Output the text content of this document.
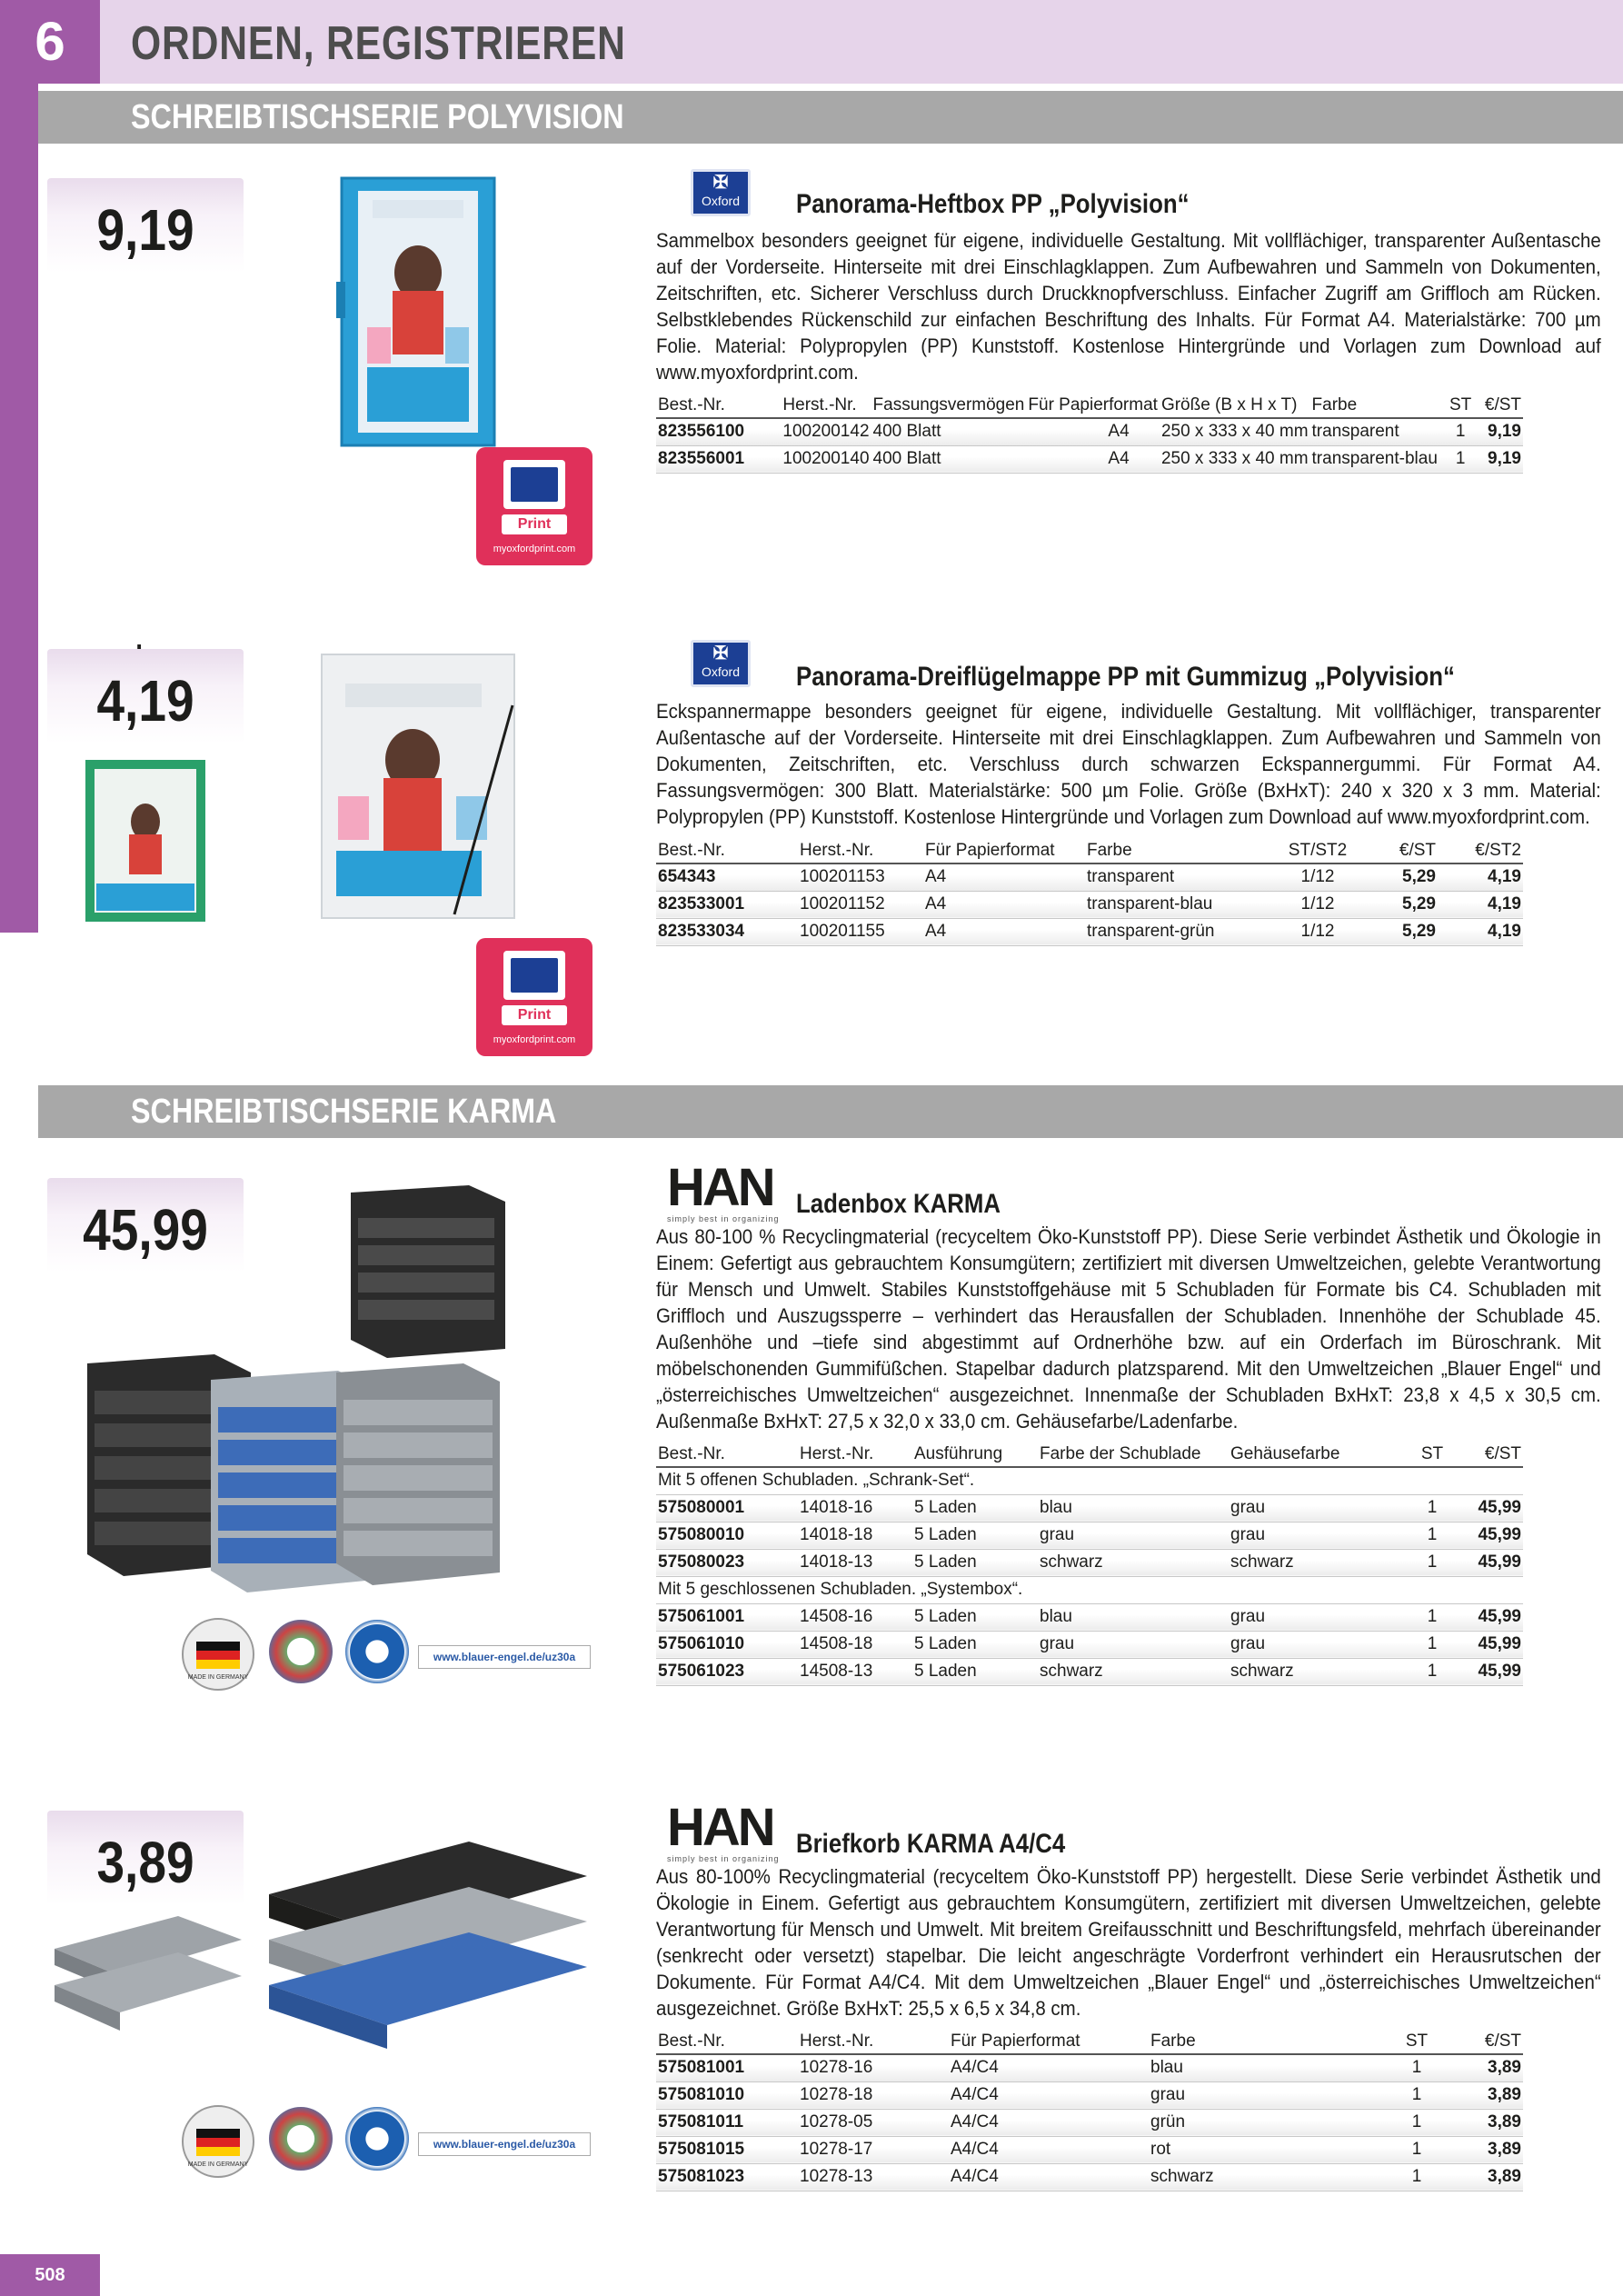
6	ORDNEN, REGISTRIEREN
SCHREIBTISCHSERIE POLYVISION
9,19
Print
myoxfordprint.com
✠
Oxford	Panorama-Heftbox PP „Polyvision“
Sammelbox besonders geeignet für eigene, individuelle Gestaltung. Mit vollflächiger, transparenter Außentasche auf der Vorderseite. Hinterseite mit drei Einschlagklappen. Zum Aufbewahren und Sammeln von Dokumenten, Zeitschriften, etc. Sicherer Verschluss durch Druckknopfverschluss. Einfacher Zugriff am Griffloch am Rücken. Selbstklebendes Rückenschild zur einfachen Beschriftung des Inhalts. Für Format A4. Materialstärke: 700 µm Folie. Material: Polypropylen (PP) Kunststoff. Kostenlose Hintergründe und Vorlagen zum Download auf www.myoxfordprint.com.
Best.-Nr.	Herst.-Nr.	Fassungsvermögen	Für Papierformat	Größe (B x H x T)	Farbe	ST	€/ST
823556100	100200142	400 Blatt	A4	250 x 333 x 40 mm	transparent	1	9,19
823556001	100200140	400 Blatt	A4	250 x 333 x 40 mm	transparent-blau	1	9,19
4,19
Print
myoxfordprint.com
✠
Oxford	Panorama-Dreiflügelmappe PP mit Gummizug „Polyvision“
Eckspannermappe besonders geeignet für eigene, individuelle Gestaltung. Mit vollflächiger, transparenter Außentasche auf der Vorderseite. Hinterseite mit drei Einschlagklappen. Zum Aufbewahren und Sammeln von Dokumenten, Zeitschriften, etc. Verschluss durch schwarzen Eckspannergummi. Für Format A4. Fassungsvermögen: 300 Blatt. Materialstärke: 500 µm Folie. Größe (BxHxT): 240 x 320 x 3 mm. Material: Polypropylen (PP) Kunststoff. Kostenlose Hintergründe und Vorlagen zum Download auf www.myoxfordprint.com.
Best.-Nr.	Herst.-Nr.	Für Papierformat	Farbe	ST/ST2	€/ST	€/ST2
654343	100201153	A4	transparent	1/12	5,29	4,19
823533001	100201152	A4	transparent-blau	1/12	5,29	4,19
823533034	100201155	A4	transparent-grün	1/12	5,29	4,19
SCHREIBTISCHSERIE KARMA
45,99
MADE IN GERMANY
www.blauer-engel.de/uz30a
HAN
simply best in organizing Ladenbox KARMA
Aus 80-100 % Recyclingmaterial (recyceltem Öko-Kunststoff PP). Diese Serie verbindet Ästhetik und Ökologie in Einem: Gefertigt aus gebrauchtem Konsumgütern; zertifiziert mit diversen Umweltzeichen, gelebte Verantwortung für Mensch und Umwelt. Stabiles Kunststoffgehäuse mit 5 Schubladen für Formate bis C4. Schubladen mit Griffloch und Auszugssperre – verhindert das Herausfallen der Schubladen. Innenhöhe der Schublade 45. Außenhöhe und –tiefe sind abgestimmt auf Ordnerhöhe bzw. auf ein Orderfach im Büroschrank. Mit möbelschonenden Gummifüßchen. Stapelbar dadurch platzsparend. Mit den Umweltzeichen „Blauer Engel“ und „österreichisches Umweltzeichen“ ausgezeichnet. Innenmaße der Schubladen BxHxT: 23,8 x 4,5 x 30,5 cm. Außenmaße BxHxT: 27,5 x 32,0 x 33,0 cm. Gehäusefarbe/Ladenfarbe.
Best.-Nr.	Herst.-Nr.	Ausführung	Farbe der Schublade	Gehäusefarbe	ST	€/ST
Mit 5 offenen Schubladen. „Schrank-Set“.						
575080001	14018-16	5 Laden	blau	grau	1	45,99
575080010	14018-18	5 Laden	grau	grau	1	45,99
575080023	14018-13	5 Laden	schwarz	schwarz	1	45,99
Mit 5 geschlossenen Schubladen. „Systembox“.						
575061001	14508-16	5 Laden	blau	grau	1	45,99
575061010	14508-18	5 Laden	grau	grau	1	45,99
575061023	14508-13	5 Laden	schwarz	schwarz	1	45,99
3,89
MADE IN GERMANY
www.blauer-engel.de/uz30a
HAN
simply best in organizing Briefkorb KARMA A4/C4
Aus 80-100% Recyclingmaterial (recyceltem Öko-Kunststoff PP) hergestellt. Diese Serie verbindet Ästhetik und Ökologie in Einem. Gefertigt aus gebrauchtem Konsumgütern, zertifiziert mit diversen Umweltzeichen, gelebte Verantwortung für Mensch und Umwelt. Mit breitem Greifausschnitt und Beschriftungsfeld, mehrfach übereinander (senkrecht oder versetzt) stapelbar. Die leicht angeschrägte Vorderfront verhindert ein Herausrutschen der Dokumente. Für Format A4/C4. Mit dem Umweltzeichen „Blauer Engel“ und „österreichisches Umweltzeichen“ ausgezeichnet. Größe BxHxT: 25,5 x 6,5 x 34,8 cm.
Best.-Nr.	Herst.-Nr.	Für Papierformat	Farbe	ST	€/ST
575081001	10278-16	A4/C4	blau	1	3,89
575081010	10278-18	A4/C4	grau	1	3,89
575081011	10278-05	A4/C4	grün	1	3,89
575081015	10278-17	A4/C4	rot	1	3,89
575081023	10278-13	A4/C4	schwarz	1	3,89
508
